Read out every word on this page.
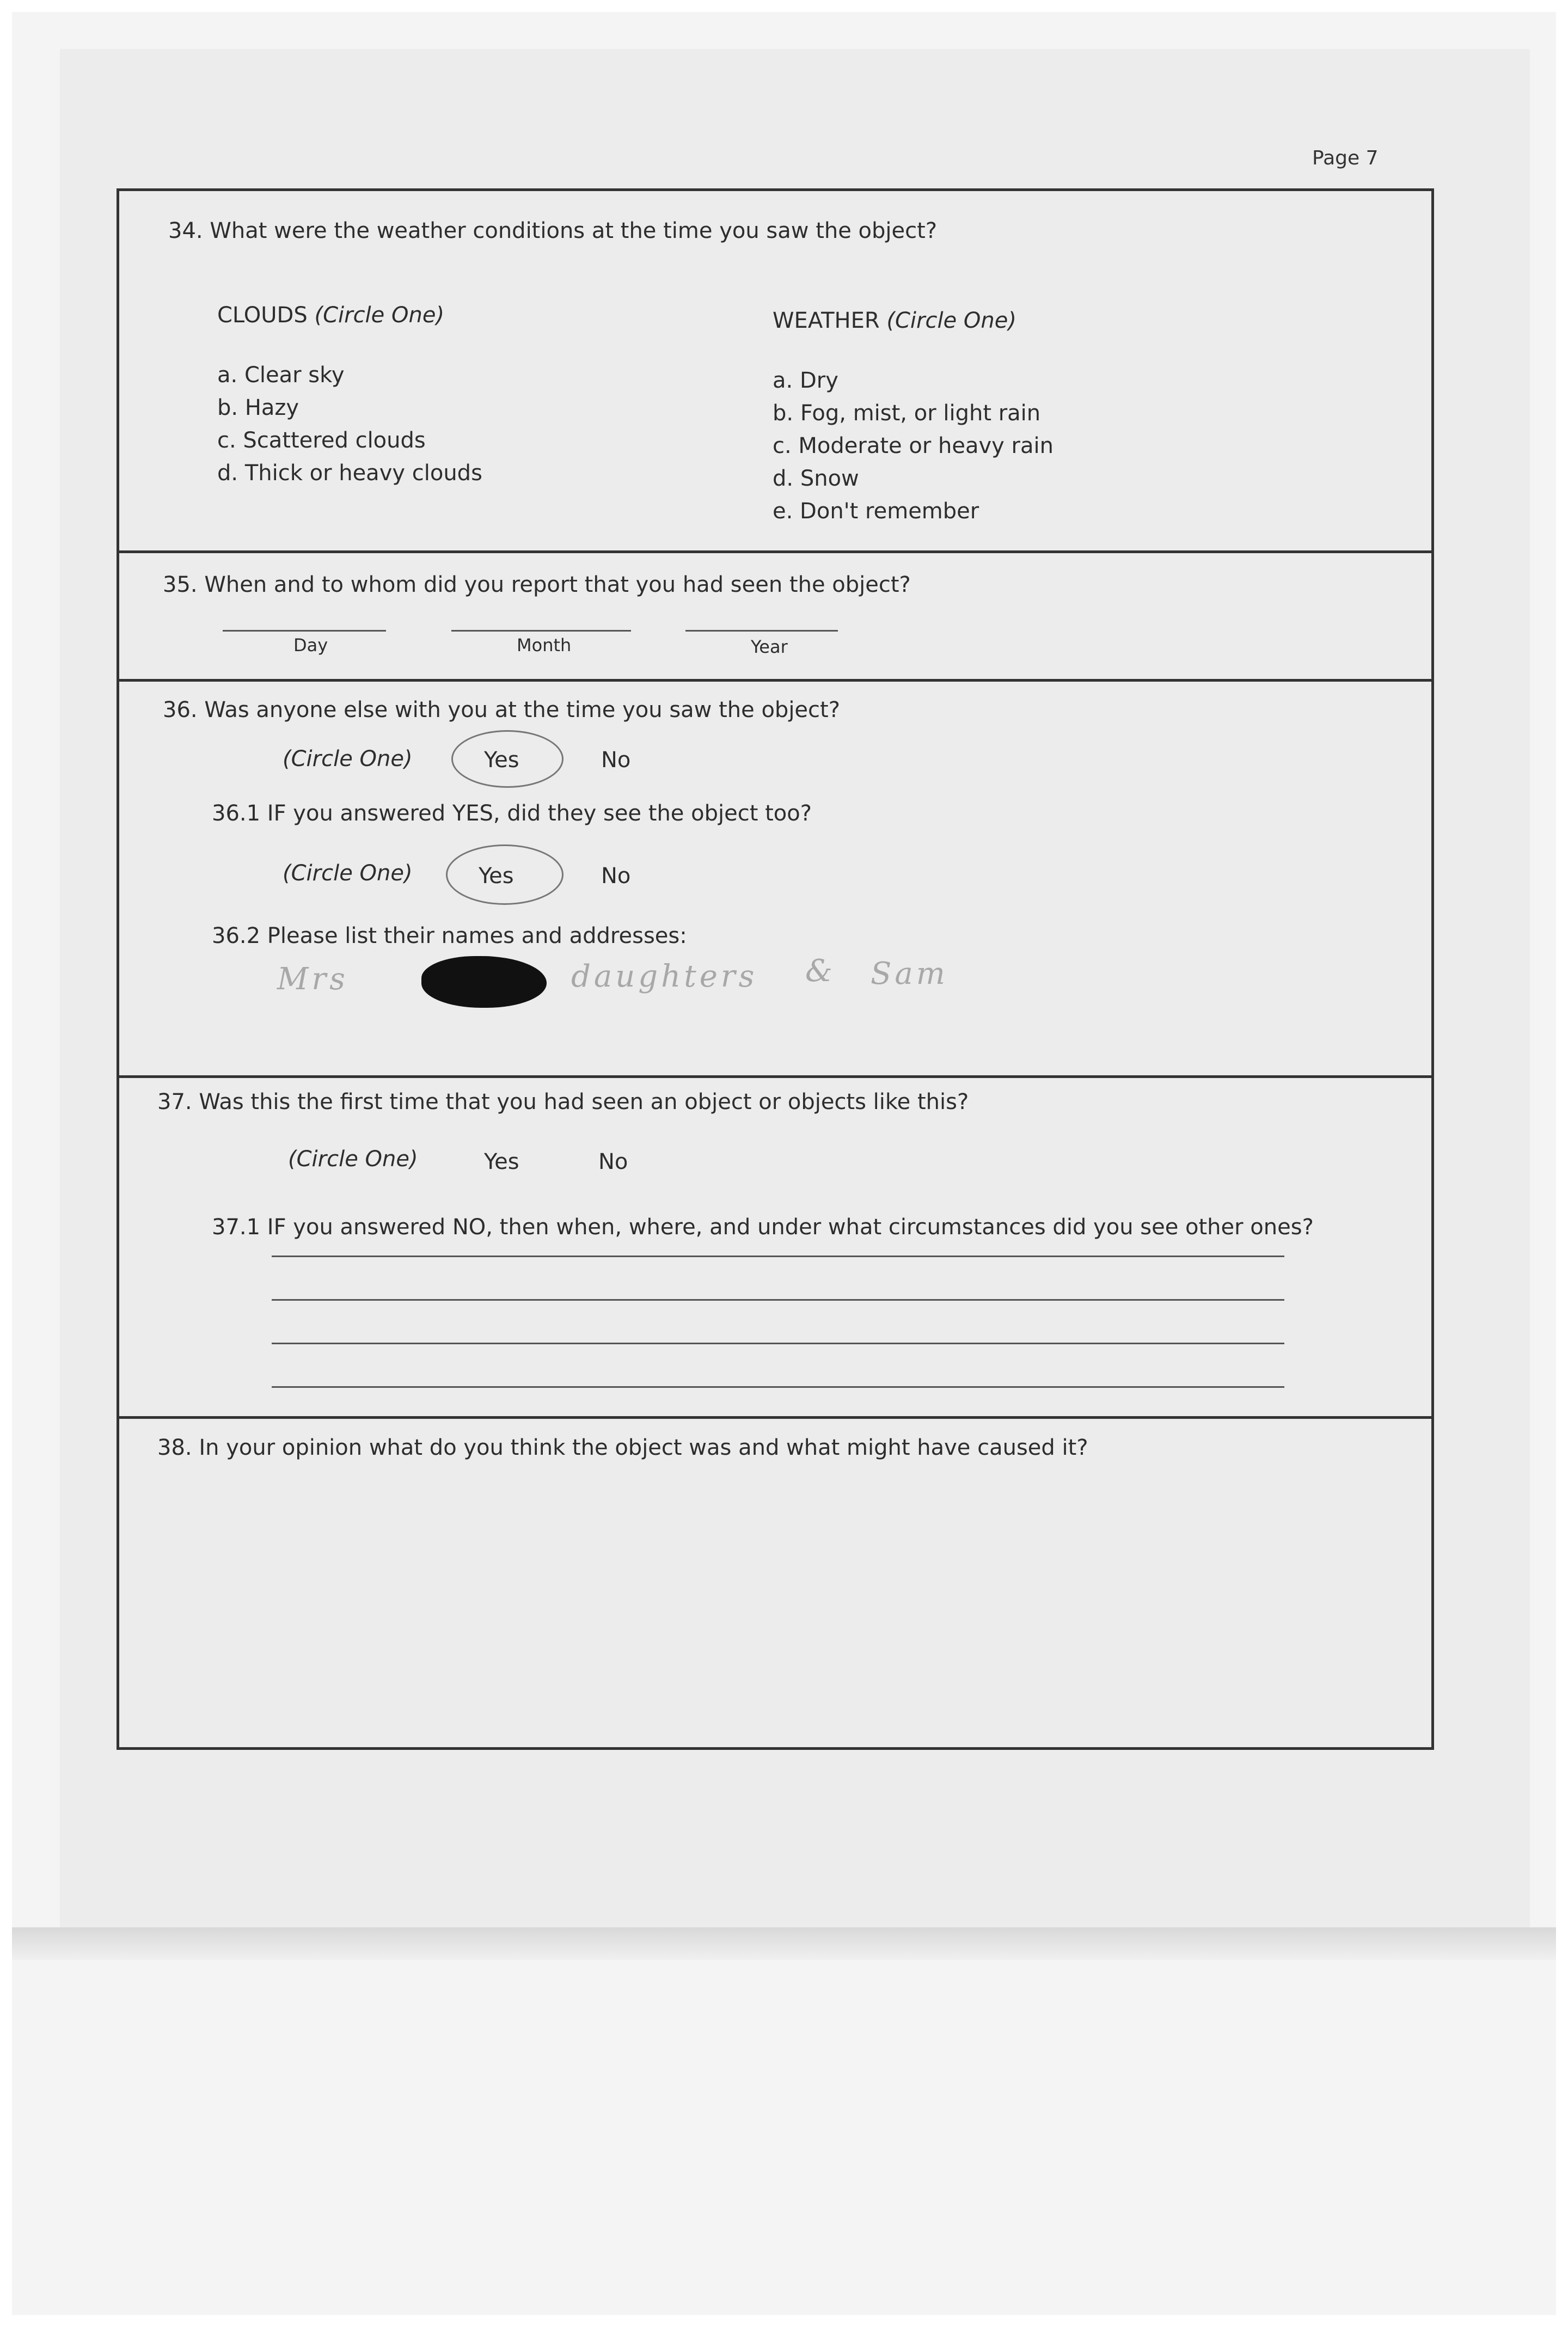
Page 7
34. What were the weather conditions at the time you saw the object?
CLOUDS (Circle One)
a. Clear sky
b. Hazy
c. Scattered clouds
d. Thick or heavy clouds
WEATHER (Circle One)
a. Dry
b. Fog, mist, or light rain
c. Moderate or heavy rain
d. Snow
e. Don't remember
35. When and to whom did you report that you had seen the object?
Day	Month	Year
36. Was anyone else with you at the time you saw the object?
(Circle One)	Yes	No
36.1 IF you answered YES, did they see the object too?
(Circle One)	Yes	No
36.2 Please list their names and addresses:
Mrs	daughters & Sam
37. Was this the first time that you had seen an object or objects like this?
(Circle One)	Yes	No
37.1 IF you answered NO, then when, where, and under what circumstances did you see other ones?
38. In your opinion what do you think the object was and what might have caused it?
